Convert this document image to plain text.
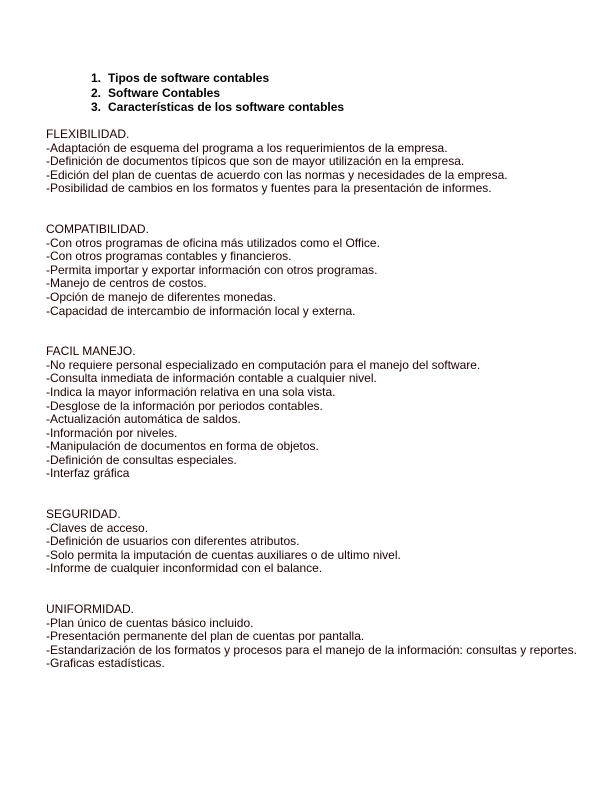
1. Tipos de software contables
2. Software Contables
3. Características de los software contables

FLEXIBILIDAD.

-Adaptación de esquema del programa a los requerimientos de la empresa.

-Definición de documentos típicos que son de mayor utilización en la empresa.

-Edición del plan de cuentas de acuerdo con las normas y necesidades de la empresa.

-Posibilidad de cambios en los formatos y fuentes para la presentación de informes.

COMPATIBILIDAD.

-Con otros programas de oficina más utilizados como el Office.

-Con otros programas contables y financieros.

-Permita importar y exportar información con otros programas.

-Manejo de centros de costos.

-Opción de manejo de diferentes monedas.

-Capacidad de intercambio de información local y externa.

FACIL MANEJO.

-No requiere personal especializado en computación para el manejo del software.

-Consulta inmediata de información contable a cualquier nivel.

-Indica la mayor información relativa en una sola vista.

-Desglose de la información por periodos contables.

-Actualización automática de saldos.

-Información por niveles.

-Manipulación de documentos en forma de objetos.

-Definición de consultas especiales.

-Interfaz gráfica

SEGURIDAD.

-Claves de acceso.

-Definición de usuarios con diferentes atributos.

-Solo permita la imputación de cuentas auxiliares o de ultimo nivel.

-Informe de cualquier inconformidad con el balance.

UNIFORMIDAD.

-Plan único de cuentas básico incluido.

-Presentación permanente del plan de cuentas por pantalla.

-Estandarización de los formatos y procesos para el manejo de la información: consultas y reportes.

-Graficas estadísticas.
